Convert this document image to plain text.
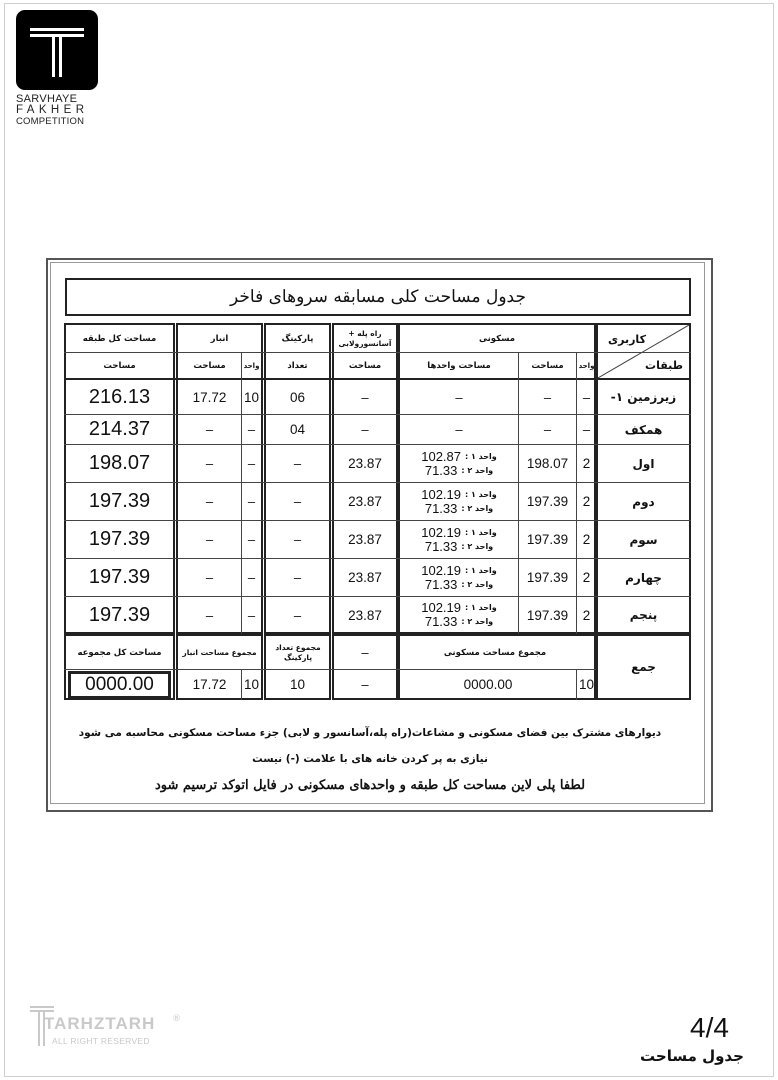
SARVHAYE
FAKHER
COMPETITION
جدول مساحت کلی مسابقه سروهای فاخر
کاربری
طبقات
مسکونی
واحد
مساحت
مساحت واحدها
راه پله + آسانسورولابی
مساحت
پارکینگ
تعداد
انبار
واحد
مساحت
مساحت کل طبقه
مساحت
زیرزمین ۱-
–
–
–
–
06
10
17.72
216.13
همکف
–
–
–
–
04
–
–
214.37
اول
2
198.07
102.87 واحد ۱ :
71.33 واحد ۲ :
23.87
–
–
–
198.07
دوم
2
197.39
102.19 واحد ۱ :
71.33 واحد ۲ :
23.87
–
–
–
197.39
سوم
2
197.39
102.19 واحد ۱ :
71.33 واحد ۲ :
23.87
–
–
–
197.39
چهارم
2
197.39
102.19 واحد ۱ :
71.33 واحد ۲ :
23.87
–
–
–
197.39
پنجم
2
197.39
102.19 واحد ۱ :
71.33 واحد ۲ :
23.87
–
–
–
197.39
جمع
مجموع مساحت مسکونی
10
0000.00
–
–
مجموع تعداد پارکینگ
10
مجموع مساحت انبار
10
17.72
مساحت کل مجموعه
0000.00
دیوارهای مشترک بین فضای مسکونی و مشاعات(راه پله،آسانسور و لابی) جزء مساحت مسکونی محاسبه می شود
نیازی به پر کردن خانه های با علامت (-) نیست
لطفا پلی لاین مساحت کل طبقه و واحدهای مسکونی در فایل اتوکد ترسیم شود
TARHZTARH
ALL RIGHT RESERVED
®	4/4
جدول مساحت
